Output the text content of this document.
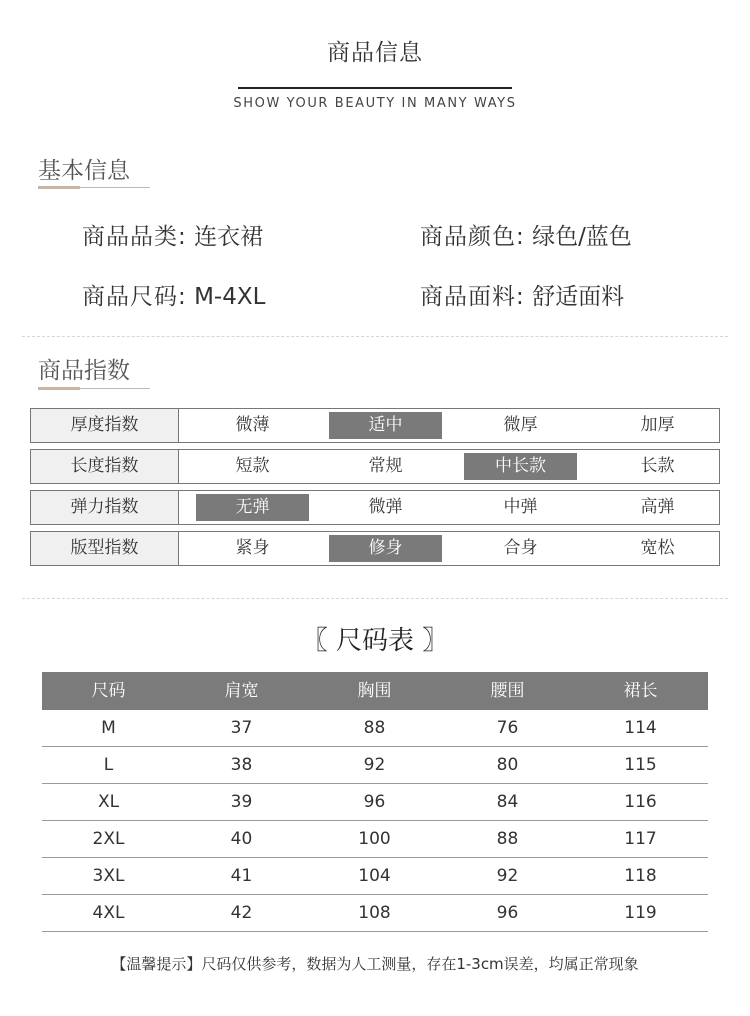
商品信息
SHOW YOUR BEAUTY IN MANY WAYS
基本信息
商品品类: 连衣裙	商品颜色: 绿色/蓝色
商品尺码: M-4XL	商品面料: 舒适面料
商品指数
厚度指数	微薄	适中	微厚	加厚
长度指数	短款	常规	中长款	长款
弹力指数	无弹	微弹	中弹	高弹
版型指数	紧身	修身	合身	宽松
〖 尺码表 〗
尺码	肩宽	胸围	腰围	裙长
M	37	88	76	114
L	38	92	80	115
XL	39	96	84	116
2XL	40	100	88	117
3XL	41	104	92	118
4XL	42	108	96	119
【温馨提示】尺码仅供参考，数据为人工测量，存在1-3cm误差，均属正常现象
